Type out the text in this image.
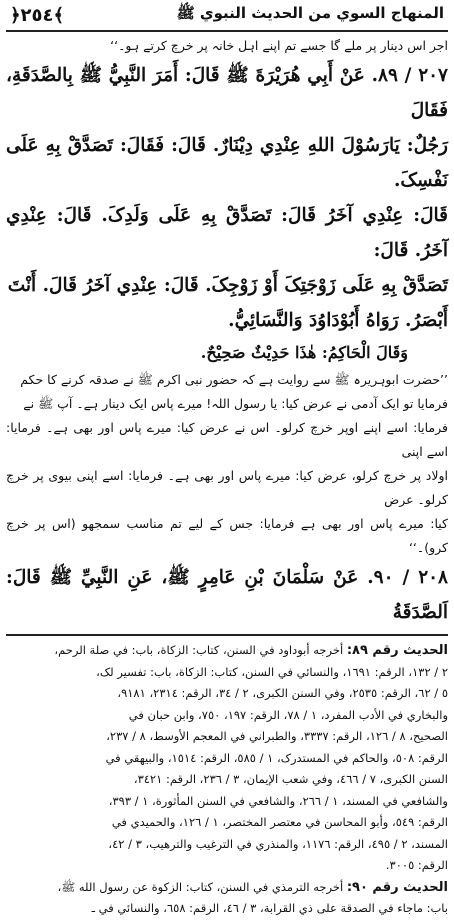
﴿٢٥٤﴾	المنهاج السوي من الحديث النبوي ﷺ

اجر اس دینار پر ملے گا جسے تم اپنے اہل خانہ پر خرچ کرتے ہو۔‘‘

٢٠٧ / ٨٩. عَنْ أَبِي هُرَيْرَةَ ﷺ قَالَ: أَمَرَ النَّبِيُّ ﷺ بِالصَّدَقَةِ، فَقَالَ

رَجُلٌ: يَارَسُوْلَ اللهِ عِنْدِي دِيْنَارٌ. قَالَ: فَقَالَ: تَصَدَّقْ بِهِ عَلَى نَفْسِکَ.

قَالَ: عِنْدِي آخَرُ قَالَ: تَصَدَّقْ بِهِ عَلَى وَلَدِکَ. قَالَ: عِنْدِي آخَرُ. قَالَ:

تَصَدَّقْ بِهِ عَلَى زَوْجَتِکَ أَوْ زَوْجِکَ. قَالَ: عِنْدِي آخَرُ قَالَ. أَنْتَ

أَبْصَرُ. رَوَاهُ أَبُوْدَاوُدَ وَالنَّسَائِيُّ.

وَقَالَ الْحَاکِمُ: هٰذَا حَدِيْثٌ صَحِيْحٌ.

’’حضرت ابوہریرہ ﷺ سے روایت ہے کہ حضور نبی اکرم ﷺ نے صدقہ کرنے کا حکم

فرمایا تو ایک آدمی نے عرض کیا: یا رسول اللہ! میرے پاس ایک دینار ہے۔ آپ ﷺ نے

فرمایا: اسے اپنے اوپر خرچ کرلو۔ اس نے عرض کیا: میرے پاس اور بھی ہے۔ فرمایا: اسے اپنی

اولاد پر خرچ کرلو، عرض کیا: میرے پاس اور بھی ہے۔ فرمایا: اسے اپنی بیوی پر خرچ کرلو۔ عرض

کیا: میرے پاس اور بھی ہے فرمایا: جس کے لیے تم مناسب سمجھو (اس پر خرچ کرو)۔‘‘

٢٠٨ / ٩٠. عَنْ سَلْمَانَ بْنِ عَامِرٍ ﷺ، عَنِ النَّبِيِّ ﷺ قَالَ: اَلصَّدَقَةُ

الحديث رقم ٨٩: أخرجه أبوداود في السنن، کتاب: الزکاة، باب: في صلة الرحم،

٢ / ١٣٢، الرقم: ١٦٩١، والنسائي في السنن، کتاب: الزکاة، باب: تفسير لک،

٥ / ٦٢، الرقم: ٢٥٣٥، وفي السنن الکبرى، ٢ / ٣٤، الرقم: ٢٣١٤، ٩١٨١،

والبخاري في الأدب المفرد، ١ / ٧٨، الرقم: ١٩٧، ٧٥٠، وابن حبان في

الصحيح، ٨ / ١٢٦، الرقم: ٣٣٣٧، والطبراني في المعجم الأوسط، ٨ / ٢٣٧،

الرقم: ٥٠٨، والحاکم في المستدرک، ١ / ٥٨٥، الرقم: ١٥١٤، والبيهقي في

السنن الکبرى، ٧ / ٤٦٦، وفي شعب الإيمان، ٣ / ٢٣٦، الرقم: ٣٤٢١،

والشافعي في المسند، ١ / ٢٦٦، والشافعي في السنن المأثورة، ١ / ٣٩٣،

الرقم: ٥٤٩، وأبو المحاسن في معتصر المختصر، ١ / ١٢٦، والحميدي في

المسند، ٢ / ٤٩٥، الرقم: ١١٧٦، والمنذري في الترغيب والترهيب، ٣ / ٤٢،

الرقم: ٣٠٠٥.

الحديث رقم ٩٠: أخرجه الترمذي في السنن، کتاب: الزکوة عن رسول الله ﷺ،

باب: ماجاء في الصدقة على ذي القرابة، ٣ / ٤٦، الرقم: ٦٥٨، والنسائي في ـ
